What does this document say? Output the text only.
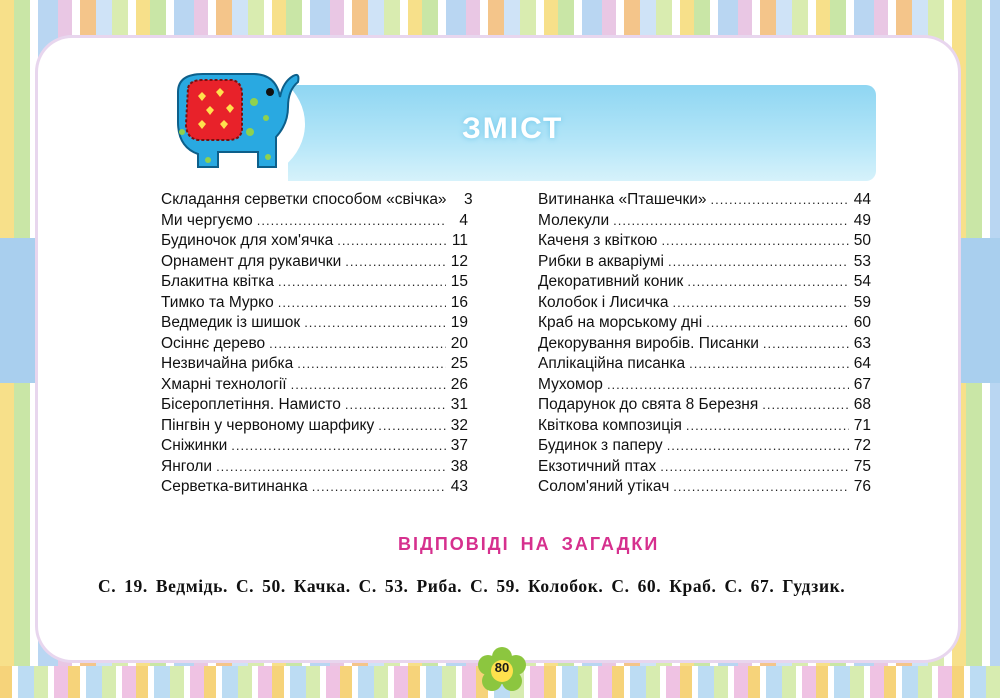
ЗМІСТ
Складання серветки способом «свічка»	3
Ми чергуємо .....	4
Будиночок для хом'ячка .....	11
Орнамент для рукавички .....	12
Блакитна квітка .....	15
Тимко та Мурко .....	16
Ведмедик із шишок .....	19
Осіннє дерево .....	20
Незвичайна рибка .....	25
Хмарні технології .....	26
Бісероплетіння. Намисто .....	31
Пінгвін у червоному шарфику .....	32
Сніжинки .....	37
Янголи .....	38
Серветка-витинанка .....	43
Витинанка «Пташечки» .....	44
Молекули .....	49
Каченя з квіткою .....	50
Рибки в акваріумі .....	53
Декоративний коник .....	54
Колобок і Лисичка .....	59
Краб на морському дні .....	60
Декорування виробів. Писанки .....	63
Аплікаційна писанка .....	64
Мухомор .....	67
Подарунок до свята 8 Березня .....	68
Квіткова композиція .....	71
Будинок з паперу .....	72
Екзотичний птах .....	75
Солом'яний утікач .....	76
ВІДПОВІДІ НА ЗАГАДКИ
С. 19. Ведмідь. С. 50. Качка. С. 53. Риба. С. 59. Колобок. С. 60. Краб. С. 67. Гудзик.
80
